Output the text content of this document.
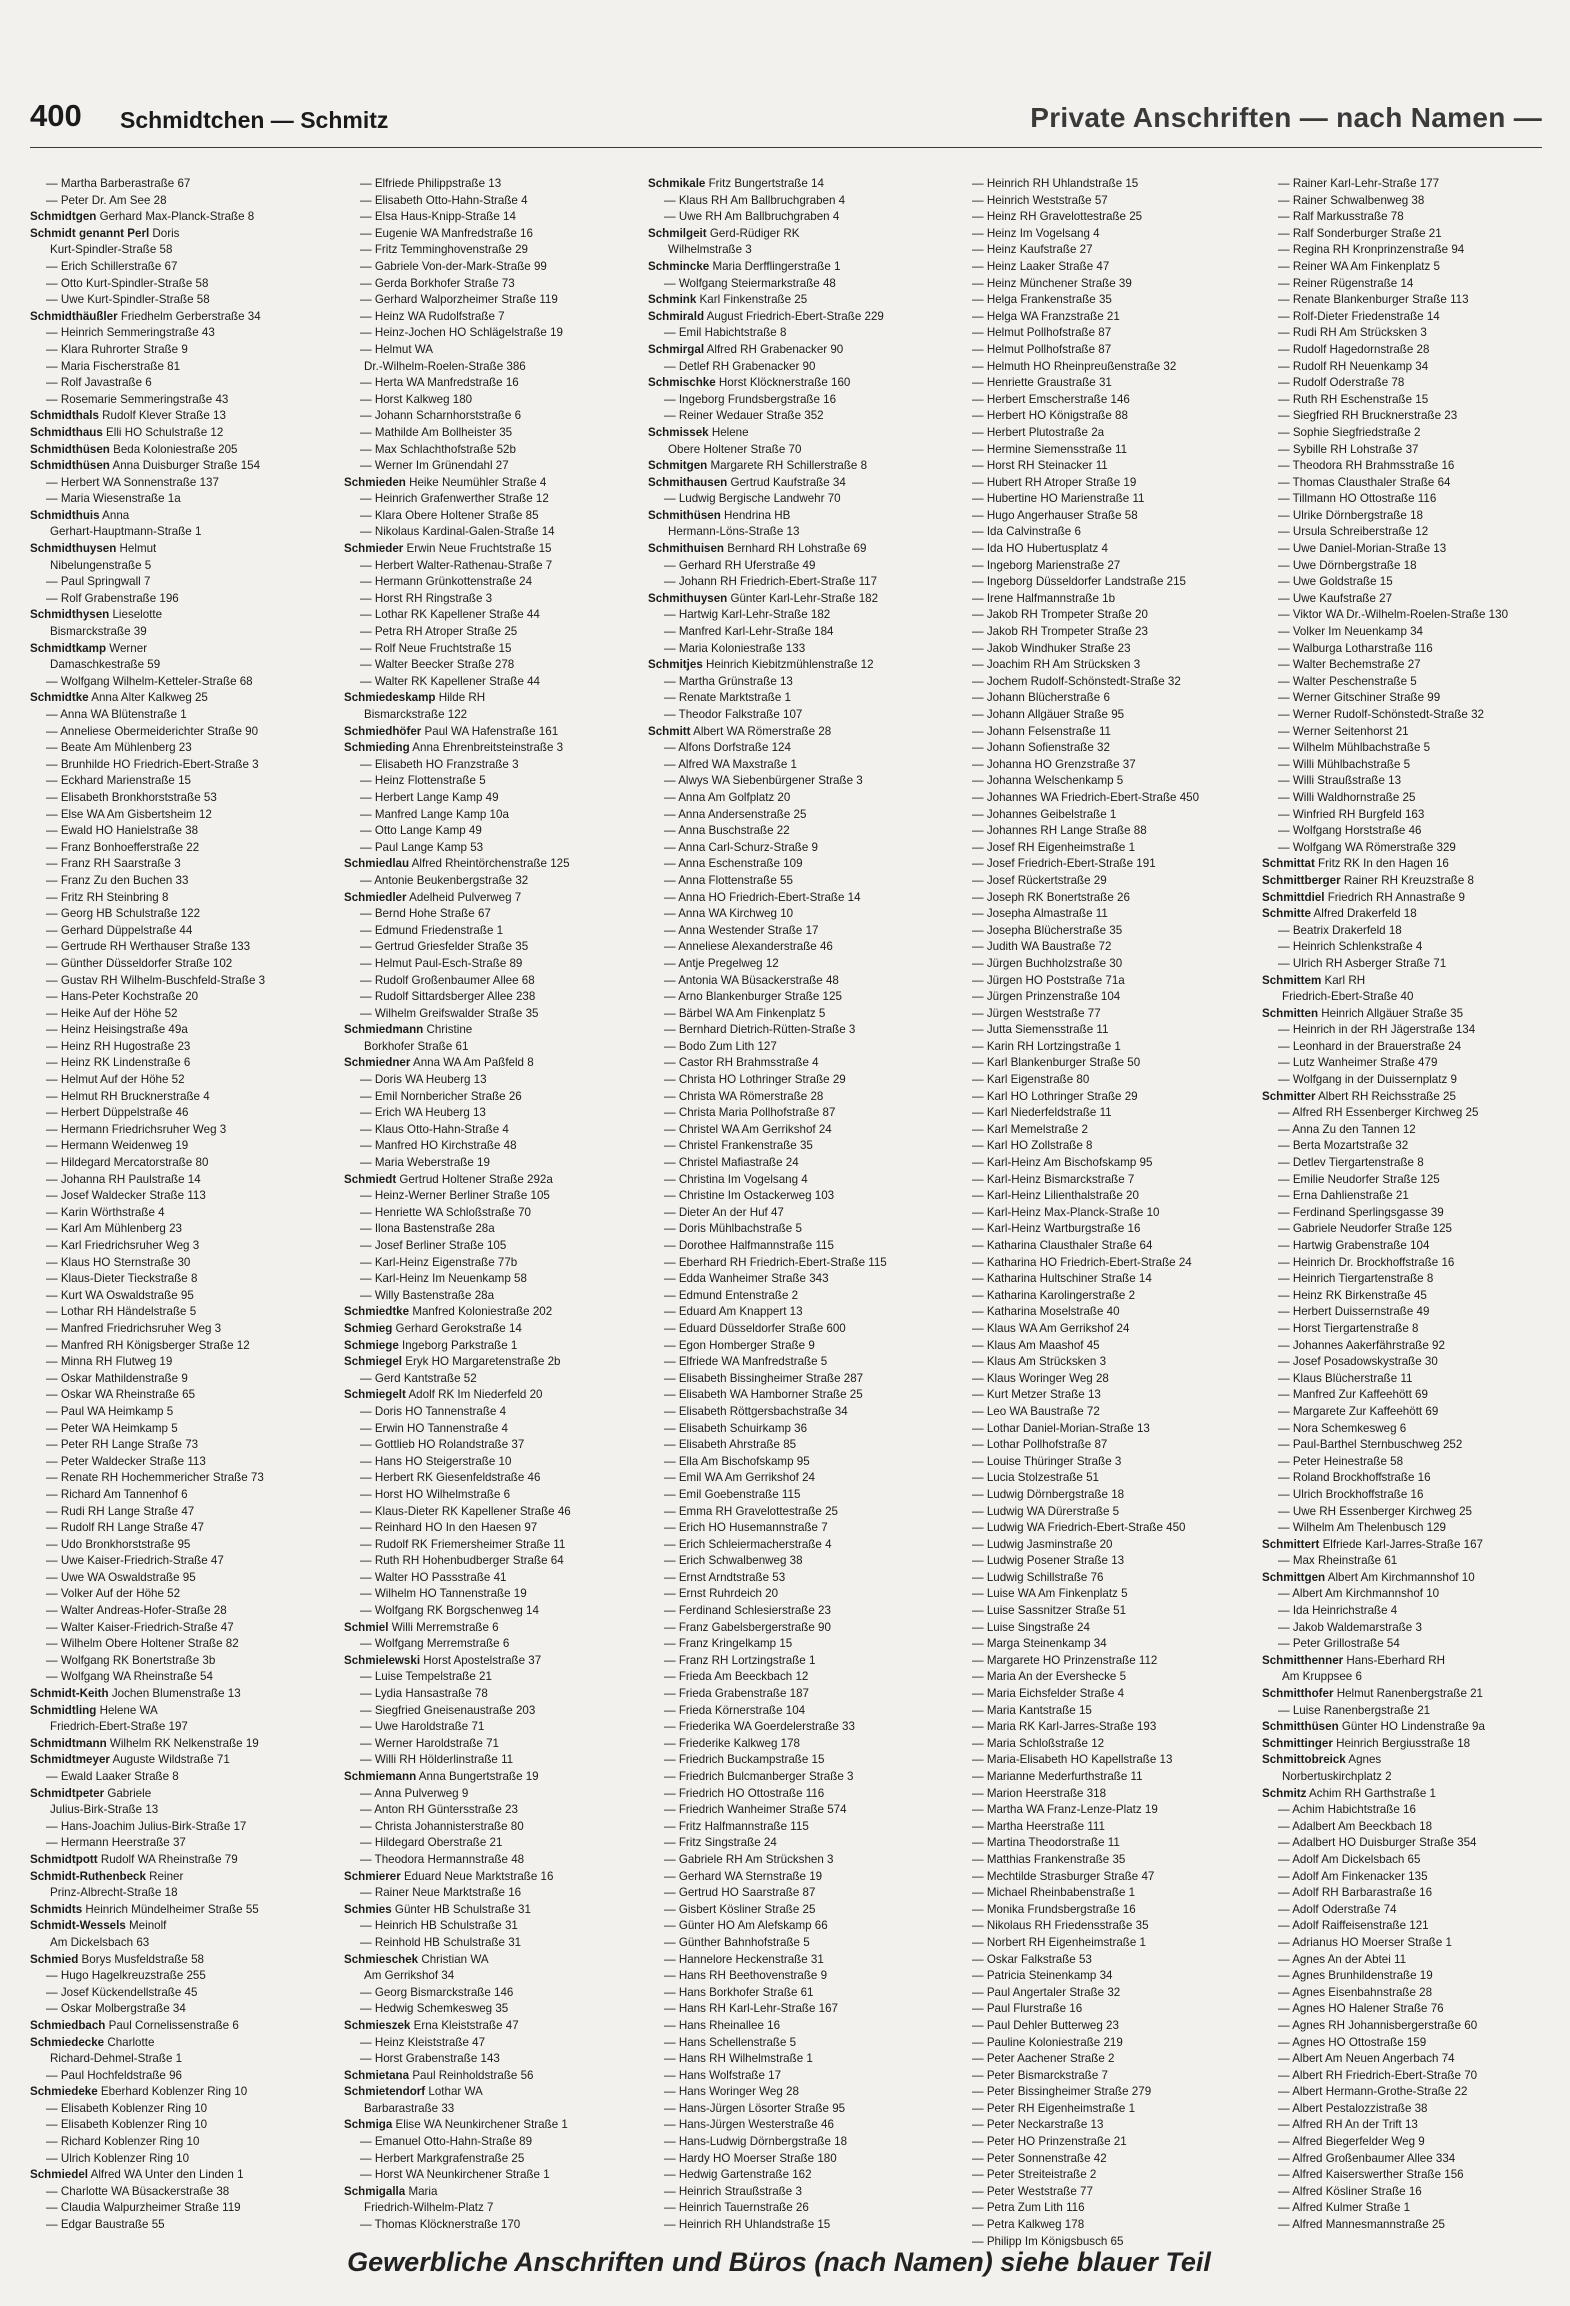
400 Schmidtchen — Schmitz	Private Anschriften — nach Namen —
— Martha Barberastraße 67
— Peter Dr. Am See 28
Schmidtgen Gerhard Max-Planck-Straße 8
Schmidt genannt Perl Doris
Kurt-Spindler-Straße 58
— Erich Schillerstraße 67
— Otto Kurt-Spindler-Straße 58
— Uwe Kurt-Spindler-Straße 58
Schmidthäußler Friedhelm Gerberstraße 34
— Heinrich Semmeringstraße 43
— Klara Ruhrorter Straße 9
— Maria Fischerstraße 81
— Rolf Javastraße 6
— Rosemarie Semmeringstraße 43
Schmidthals Rudolf Klever Straße 13
Schmidthaus Elli HO Schulstraße 12
Schmidthüsen Beda Koloniestraße 205
Schmidthüsen Anna Duisburger Straße 154
— Herbert WA Sonnenstraße 137
— Maria Wiesenstraße 1a
Schmidthuis Anna
Gerhart-Hauptmann-Straße 1
Schmidthuysen Helmut
Nibelungenstraße 5
— Paul Springwall 7
— Rolf Grabenstraße 196
Schmidthysen Lieselotte
Bismarckstraße 39
Schmidtkamp Werner
Damaschkestraße 59
— Wolfgang Wilhelm-Ketteler-Straße 68
Schmidtke Anna Alter Kalkweg 25
— Anna WA Blütenstraße 1
— Anneliese Obermeiderichter Straße 90
— Beate Am Mühlenberg 23
— Brunhilde HO Friedrich-Ebert-Straße 3
— Eckhard Marienstraße 15
— Elisabeth Bronkhorststraße 53
— Else WA Am Gisbertsheim 12
— Ewald HO Hanielstraße 38
— Franz Bonhoefferstraße 22
— Franz RH Saarstraße 3
— Franz Zu den Buchen 33
— Fritz RH Steinbring 8
— Georg HB Schulstraße 122
— Gerhard Düppelstraße 44
— Gertrude RH Werthauser Straße 133
— Günther Düsseldorfer Straße 102
— Gustav RH Wilhelm-Buschfeld-Straße 3
— Hans-Peter Kochstraße 20
— Heike Auf der Höhe 52
— Heinz Heisingstraße 49a
— Heinz RH Hugostraße 23
— Heinz RK Lindenstraße 6
— Helmut Auf der Höhe 52
— Helmut RH Brucknerstraße 4
— Herbert Düppelstraße 46
— Hermann Friedrichsruher Weg 3
— Hermann Weidenweg 19
— Hildegard Mercatorstraße 80
— Johanna RH Paulstraße 14
— Josef Waldecker Straße 113
— Karin Wörthstraße 4
— Karl Am Mühlenberg 23
— Karl Friedrichsruher Weg 3
— Klaus HO Sternstraße 30
— Klaus-Dieter Tieckstraße 8
— Kurt WA Oswaldstraße 95
— Lothar RH Händelstraße 5
— Manfred Friedrichsruher Weg 3
— Manfred RH Königsberger Straße 12
— Minna RH Flutweg 19
— Oskar Mathildenstraße 9
— Oskar WA Rheinstraße 65
— Paul WA Heimkamp 5
— Peter WA Heimkamp 5
— Peter RH Lange Straße 73
— Peter Waldecker Straße 113
— Renate RH Hochemmericher Straße 73
— Richard Am Tannenhof 6
— Rudi RH Lange Straße 47
— Rudolf RH Lange Straße 47
— Udo Bronkhorststraße 95
— Uwe Kaiser-Friedrich-Straße 47
— Uwe WA Oswaldstraße 95
— Volker Auf der Höhe 52
— Walter Andreas-Hofer-Straße 28
— Walter Kaiser-Friedrich-Straße 47
— Wilhelm Obere Holtener Straße 82
— Wolfgang RK Bonertstraße 3b
— Wolfgang WA Rheinstraße 54
Schmidt-Keith Jochen Blumenstraße 13
Schmidtling Helene WA
Friedrich-Ebert-Straße 197
Schmidtmann Wilhelm RK Nelkenstraße 19
Schmidtmeyer Auguste Wildstraße 71
— Ewald Laaker Straße 8
Schmidtpeter Gabriele
Julius-Birk-Straße 13
— Hans-Joachim Julius-Birk-Straße 17
— Hermann Heerstraße 37
Schmidtpott Rudolf WA Rheinstraße 79
Schmidt-Ruthenbeck Reiner
Prinz-Albrecht-Straße 18
Schmidts Heinrich Mündelheimer Straße 55
Schmidt-Wessels Meinolf
Am Dickelsbach 63
Schmied Borys Musfeldstraße 58
— Hugo Hagelkreuzstraße 255
— Josef Kückendellstraße 45
— Oskar Molbergstraße 34
Schmiedbach Paul Cornelissenstraße 6
Schmiedecke Charlotte
Richard-Dehmel-Straße 1
— Paul Hochfeldstraße 96
Schmiedeke Eberhard Koblenzer Ring 10
— Elisabeth Koblenzer Ring 10
— Elisabeth Koblenzer Ring 10
— Richard Koblenzer Ring 10
— Ulrich Koblenzer Ring 10
Schmiedel Alfred WA Unter den Linden 1
— Charlotte WA Büsackerstraße 38
— Claudia Walpurzheimer Straße 119
— Edgar Baustraße 55
— Elfriede Philippstraße 13
— Elisabeth Otto-Hahn-Straße 4
— Elsa Haus-Knipp-Straße 14
— Eugenie WA Manfredstraße 16
— Fritz Temminghovenstraße 29
— Gabriele Von-der-Mark-Straße 99
— Gerda Borkhofer Straße 73
— Gerhard Walporzheimer Straße 119
— Heinz WA Rudolfstraße 7
— Heinz-Jochen HO Schlägelstraße 19
— Helmut WA
Dr.-Wilhelm-Roelen-Straße 386
— Herta WA Manfredstraße 16
— Horst Kalkweg 180
— Johann Scharnhorststraße 6
— Mathilde Am Bollheister 35
— Max Schlachthofstraße 52b
— Werner Im Grünendahl 27
Schmieden Heike Neumühler Straße 4
— Heinrich Grafenwerther Straße 12
— Klara Obere Holtener Straße 85
— Nikolaus Kardinal-Galen-Straße 14
Schmieder Erwin Neue Fruchtstraße 15
— Herbert Walter-Rathenau-Straße 7
— Hermann Grünkottenstraße 24
— Horst RH Ringstraße 3
— Lothar RK Kapellener Straße 44
— Petra RH Atroper Straße 25
— Rolf Neue Fruchtstraße 15
— Walter Beecker Straße 278
— Walter RK Kapellener Straße 44
Schmiedeskamp Hilde RH
Bismarckstraße 122
Schmiedhöfer Paul WA Hafenstraße 161
Schmieding Anna Ehrenbreitsteinstraße 3
— Elisabeth HO Franzstraße 3
— Heinz Flottenstraße 5
— Herbert Lange Kamp 49
— Manfred Lange Kamp 10a
— Otto Lange Kamp 49
— Paul Lange Kamp 53
Schmiedlau Alfred Rheintörchenstraße 125
— Antonie Beukenbergstraße 32
Schmiedler Adelheid Pulverweg 7
— Bernd Hohe Straße 67
— Edmund Friedenstraße 1
— Gertrud Griesfelder Straße 35
— Helmut Paul-Esch-Straße 89
— Rudolf Großenbaumer Allee 68
— Rudolf Sittardsberger Allee 238
— Wilhelm Greifswalder Straße 35
Schmiedmann Christine
Borkhofer Straße 61
Schmiedner Anna WA Am Paßfeld 8
— Doris WA Heuberg 13
— Emil Nornbericher Straße 26
— Erich WA Heuberg 13
— Klaus Otto-Hahn-Straße 4
— Manfred HO Kirchstraße 48
— Maria Weberstraße 19
Schmiedt Gertrud Holtener Straße 292a
— Heinz-Werner Berliner Straße 105
— Henriette WA Schloßstraße 70
— Ilona Bastenstraße 28a
— Josef Berliner Straße 105
— Karl-Heinz Eigenstraße 77b
— Karl-Heinz Im Neuenkamp 58
— Willy Bastenstraße 28a
Schmiedtke Manfred Koloniestraße 202
Schmieg Gerhard Gerokstraße 14
Schmiege Ingeborg Parkstraße 1
Schmiegel Eryk HO Margaretenstraße 2b
— Gerd Kantstraße 52
Schmiegelt Adolf RK Im Niederfeld 20
— Doris HO Tannenstraße 4
— Erwin HO Tannenstraße 4
— Gottlieb HO Rolandstraße 37
— Hans HO Steigerstraße 10
— Herbert RK Giesenfeldstraße 46
— Horst HO Wilhelmstraße 6
— Klaus-Dieter RK Kapellener Straße 46
— Reinhard HO In den Haesen 97
— Rudolf RK Friemersheimer Straße 11
— Ruth RH Hohenbudberger Straße 64
— Walter HO Passstraße 41
— Wilhelm HO Tannenstraße 19
— Wolfgang RK Borgschenweg 14
Schmiel Willi Merremstraße 6
— Wolfgang Merremstraße 6
Schmielewski Horst Apostelstraße 37
— Luise Tempelstraße 21
— Lydia Hansastraße 78
— Siegfried Gneisenaustraße 203
— Uwe Haroldstraße 71
— Werner Haroldstraße 71
— Willi RH Hölderlinstraße 11
Schmiemann Anna Bungertstraße 19
— Anna Pulverweg 9
— Anton RH Güntersstraße 23
— Christa Johannisterstraße 80
— Hildegard Oberstraße 21
— Theodora Hermannstraße 48
Schmierer Eduard Neue Marktstraße 16
— Rainer Neue Marktstraße 16
Schmies Günter HB Schulstraße 31
— Heinrich HB Schulstraße 31
— Reinhold HB Schulstraße 31
Schmieschek Christian WA
Am Gerrikshof 34
— Georg Bismarckstraße 146
— Hedwig Schemkesweg 35
Schmieszek Erna Kleiststraße 47
— Heinz Kleiststraße 47
— Horst Grabenstraße 143
Schmietana Paul Reinholdstraße 56
Schmietendorf Lothar WA
Barbarastraße 33
Schmiga Elise WA Neunkirchener Straße 1
— Emanuel Otto-Hahn-Straße 89
— Herbert Markgrafenstraße 25
— Horst WA Neunkirchener Straße 1
Schmigalla Maria
Friedrich-Wilhelm-Platz 7
— Thomas Klöcknerstraße 170
Schmikale Fritz Bungertstraße 14
— Klaus RH Am Ballbruchgraben 4
— Uwe RH Am Ballbruchgraben 4
Schmilgeit Gerd-Rüdiger RK
Wilhelmstraße 3
Schmincke Maria Derfflingerstraße 1
— Wolfgang Steiermarkstraße 48
Schmink Karl Finkenstraße 25
Schmirald August Friedrich-Ebert-Straße 229
— Emil Habichtstraße 8
Schmirgal Alfred RH Grabenacker 90
— Detlef RH Grabenacker 90
Schmischke Horst Klöcknerstraße 160
— Ingeborg Frundsbergstraße 16
— Reiner Wedauer Straße 352
Schmissek Helene
Obere Holtener Straße 70
Schmitgen Margarete RH Schillerstraße 8
Schmithausen Gertrud Kaufstraße 34
— Ludwig Bergische Landwehr 70
Schmithüsen Hendrina HB
Hermann-Löns-Straße 13
Schmithuisen Bernhard RH Lohstraße 69
— Gerhard RH Uferstraße 49
— Johann RH Friedrich-Ebert-Straße 117
Schmithuysen Günter Karl-Lehr-Straße 182
— Hartwig Karl-Lehr-Straße 182
— Manfred Karl-Lehr-Straße 184
— Maria Koloniestraße 133
Schmitjes Heinrich Kiebitzmühlenstraße 12
— Martha Grünstraße 13
— Renate Marktstraße 1
— Theodor Falkstraße 107
Schmitt Albert WA Römerstraße 28
— Alfons Dorfstraße 124
— Alfred WA Maxstraße 1
— Alwys WA Siebenbürgener Straße 3
— Anna Am Golfplatz 20
— Anna Andersenstraße 25
— Anna Buschstraße 22
— Anna Carl-Schurz-Straße 9
— Anna Eschenstraße 109
— Anna Flottenstraße 55
— Anna HO Friedrich-Ebert-Straße 14
— Anna WA Kirchweg 10
— Anna Westender Straße 17
— Anneliese Alexanderstraße 46
— Antje Pregelweg 12
— Antonia WA Büsackerstraße 48
— Arno Blankenburger Straße 125
— Bärbel WA Am Finkenplatz 5
— Bernhard Dietrich-Rütten-Straße 3
— Bodo Zum Lith 127
— Castor RH Brahmsstraße 4
— Christa HO Lothringer Straße 29
— Christa WA Römerstraße 28
— Christa Maria Pollhofstraße 87
— Christel WA Am Gerrikshof 24
— Christel Frankenstraße 35
— Christel Mafiastraße 24
— Christina Im Vogelsang 4
— Christine Im Ostackerweg 103
— Dieter An der Huf 47
— Doris Mühlbachstraße 5
— Dorothee Halfmannstraße 115
— Eberhard RH Friedrich-Ebert-Straße 115
— Edda Wanheimer Straße 343
— Edmund Entenstraße 2
— Eduard Am Knappert 13
— Eduard Düsseldorfer Straße 600
— Egon Homberger Straße 9
— Elfriede WA Manfredstraße 5
— Elisabeth Bissingheimer Straße 287
— Elisabeth WA Hamborner Straße 25
— Elisabeth Röttgersbachstraße 34
— Elisabeth Schuirkamp 36
— Elisabeth Ahrstraße 85
— Ella Am Bischofskamp 95
— Emil WA Am Gerrikshof 24
— Emil Goebenstraße 115
— Emma RH Gravelottestraße 25
— Erich HO Husemannstraße 7
— Erich Schleiermacherstraße 4
— Erich Schwalbenweg 38
— Ernst Arndtstraße 53
— Ernst Ruhrdeich 20
— Ferdinand Schlesierstraße 23
— Franz Gabelsbergerstraße 90
— Franz Kringelkamp 15
— Franz RH Lortzingstraße 1
— Frieda Am Beeckbach 12
— Frieda Grabenstraße 187
— Frieda Körnerstraße 104
— Friederika WA Goerdelerstraße 33
— Friederike Kalkweg 178
— Friedrich Buckampstraße 15
— Friedrich Bulcmanberger Straße 3
— Friedrich HO Ottostraße 116
— Friedrich Wanheimer Straße 574
— Fritz Halfmannstraße 115
— Fritz Singstraße 24
— Gabriele RH Am Strückshen 3
— Gerhard WA Sternstraße 19
— Gertrud HO Saarstraße 87
— Gisbert Kösliner Straße 25
— Günter HO Am Alefskamp 66
— Günther Bahnhofstraße 5
— Hannelore Heckenstraße 31
— Hans RH Beethovenstraße 9
— Hans Borkhofer Straße 61
— Hans RH Karl-Lehr-Straße 167
— Hans Rheinallee 16
— Hans Schellenstraße 5
— Hans RH Wilhelmstraße 1
— Hans Wolfstraße 17
— Hans Woringer Weg 28
— Hans-Jürgen Lösorter Straße 95
— Hans-Jürgen Westerstraße 46
— Hans-Ludwig Dörnbergstraße 18
— Hardy HO Moerser Straße 180
— Hedwig Gartenstraße 162
— Heinrich Straußstraße 3
— Heinrich Tauernstraße 26
— Heinrich RH Uhlandstraße 15
— Heinrich RH Uhlandstraße 15
— Heinrich Weststraße 57
— Heinz RH Gravelottestraße 25
— Heinz Im Vogelsang 4
— Heinz Kaufstraße 27
— Heinz Laaker Straße 47
— Heinz Münchener Straße 39
— Helga Frankenstraße 35
— Helga WA Franzstraße 21
— Helmut Pollhofstraße 87
— Helmut Pollhofstraße 87
— Helmuth HO Rheinpreußenstraße 32
— Henriette Graustraße 31
— Herbert Emscherstraße 146
— Herbert HO Königstraße 88
— Herbert Plutostraße 2a
— Hermine Siemensstraße 11
— Horst RH Steinacker 11
— Hubert RH Atroper Straße 19
— Hubertine HO Marienstraße 11
— Hugo Angerhauser Straße 58
— Ida Calvinstraße 6
— Ida HO Hubertusplatz 4
— Ingeborg Marienstraße 27
— Ingeborg Düsseldorfer Landstraße 215
— Irene Halfmannstraße 1b
— Jakob RH Trompeter Straße 20
— Jakob RH Trompeter Straße 23
— Jakob Windhuker Straße 23
— Joachim RH Am Strücksken 3
— Jochem Rudolf-Schönstedt-Straße 32
— Johann Blücherstraße 6
— Johann Allgäuer Straße 95
— Johann Felsenstraße 11
— Johann Sofienstraße 32
— Johanna HO Grenzstraße 37
— Johanna Welschenkamp 5
— Johannes WA Friedrich-Ebert-Straße 450
— Johannes Geibelstraße 1
— Johannes RH Lange Straße 88
— Josef RH Eigenheimstraße 1
— Josef Friedrich-Ebert-Straße 191
— Josef Rückertstraße 29
— Joseph RK Bonertstraße 26
— Josepha Almastraße 11
— Josepha Blücherstraße 35
— Judith WA Baustraße 72
— Jürgen Buchholzstraße 30
— Jürgen HO Poststraße 71a
— Jürgen Prinzenstraße 104
— Jürgen Weststraße 77
— Jutta Siemensstraße 11
— Karin RH Lortzingstraße 1
— Karl Blankenburger Straße 50
— Karl Eigenstraße 80
— Karl HO Lothringer Straße 29
— Karl Niederfeldstraße 11
— Karl Memelstraße 2
— Karl HO Zollstraße 8
— Karl-Heinz Am Bischofskamp 95
— Karl-Heinz Bismarckstraße 7
— Karl-Heinz Lilienthalstraße 20
— Karl-Heinz Max-Planck-Straße 10
— Karl-Heinz Wartburgstraße 16
— Katharina Clausthaler Straße 64
— Katharina HO Friedrich-Ebert-Straße 24
— Katharina Hultschiner Straße 14
— Katharina Karolingerstraße 2
— Katharina Moselstraße 40
— Klaus WA Am Gerrikshof 24
— Klaus Am Maashof 45
— Klaus Am Strücksken 3
— Klaus Woringer Weg 28
— Kurt Metzer Straße 13
— Leo WA Baustraße 72
— Lothar Daniel-Morian-Straße 13
— Lothar Pollhofstraße 87
— Louise Thüringer Straße 3
— Lucia Stolzestraße 51
— Ludwig Dörnbergstraße 18
— Ludwig WA Dürerstraße 5
— Ludwig WA Friedrich-Ebert-Straße 450
— Ludwig Jasminstraße 20
— Ludwig Posener Straße 13
— Ludwig Schillstraße 76
— Luise WA Am Finkenplatz 5
— Luise Sassnitzer Straße 51
— Luise Singstraße 24
— Marga Steinenkamp 34
— Margarete HO Prinzenstraße 112
— Maria An der Evershecke 5
— Maria Eichsfelder Straße 4
— Maria Kantstraße 15
— Maria RK Karl-Jarres-Straße 193
— Maria Schloßstraße 12
— Maria-Elisabeth HO Kapellstraße 13
— Marianne Mederfurthstraße 11
— Marion Heerstraße 318
— Martha WA Franz-Lenze-Platz 19
— Martha Heerstraße 111
— Martina Theodorstraße 11
— Matthias Frankenstraße 35
— Mechtilde Strasburger Straße 47
— Michael Rheinbabenstraße 1
— Monika Frundsbergstraße 16
— Nikolaus RH Friedensstraße 35
— Norbert RH Eigenheimstraße 1
— Oskar Falkstraße 53
— Patricia Steinenkamp 34
— Paul Angertaler Straße 32
— Paul Flurstraße 16
— Paul Dehler Butterweg 23
— Pauline Koloniestraße 219
— Peter Aachener Straße 2
— Peter Bismarckstraße 7
— Peter Bissingheimer Straße 279
— Peter RH Eigenheimstraße 1
— Peter Neckarstraße 13
— Peter HO Prinzenstraße 21
— Peter Sonnenstraße 42
— Peter Streiteistraße 2
— Peter Weststraße 77
— Petra Zum Lith 116
— Petra Kalkweg 178
— Philipp Im Königsbusch 65
— Rainer Karl-Lehr-Straße 177
— Rainer Schwalbenweg 38
— Ralf Markusstraße 78
— Ralf Sonderburger Straße 21
— Regina RH Kronprinzenstraße 94
— Reiner WA Am Finkenplatz 5
— Reiner Rügenstraße 14
— Renate Blankenburger Straße 113
— Rolf-Dieter Friedenstraße 14
— Rudi RH Am Strücksken 3
— Rudolf Hagedornstraße 28
— Rudolf RH Neuenkamp 34
— Rudolf Oderstraße 78
— Ruth RH Eschenstraße 15
— Siegfried RH Brucknerstraße 23
— Sophie Siegfriedstraße 2
— Sybille RH Lohstraße 37
— Theodora RH Brahmsstraße 16
— Thomas Clausthaler Straße 64
— Tillmann HO Ottostraße 116
— Ulrike Dörnbergstraße 18
— Ursula Schreiberstraße 12
— Uwe Daniel-Morian-Straße 13
— Uwe Dörnbergstraße 18
— Uwe Goldstraße 15
— Uwe Kaufstraße 27
— Viktor WA Dr.-Wilhelm-Roelen-Straße 130
— Volker Im Neuenkamp 34
— Walburga Lotharstraße 116
— Walter Bechemstraße 27
— Walter Peschenstraße 5
— Werner Gitschiner Straße 99
— Werner Rudolf-Schönstedt-Straße 32
— Werner Seitenhorst 21
— Wilhelm Mühlbachstraße 5
— Willi Mühlbachstraße 5
— Willi Straußstraße 13
— Willi Waldhornstraße 25
— Winfried RH Burgfeld 163
— Wolfgang Horststraße 46
— Wolfgang WA Römerstraße 329
Schmittat Fritz RK In den Hagen 16
Schmittberger Rainer RH Kreuzstraße 8
Schmittdiel Friedrich RH Annastraße 9
Schmitte Alfred Drakerfeld 18
— Beatrix Drakerfeld 18
— Heinrich Schlenkstraße 4
— Ulrich RH Asberger Straße 71
Schmittem Karl RH
Friedrich-Ebert-Straße 40
Schmitten Heinrich Allgäuer Straße 35
— Heinrich in der RH Jägerstraße 134
— Leonhard in der Brauerstraße 24
— Lutz Wanheimer Straße 479
— Wolfgang in der Duissernplatz 9
Schmitter Albert RH Reichsstraße 25
— Alfred RH Essenberger Kirchweg 25
— Anna Zu den Tannen 12
— Berta Mozartstraße 32
— Detlev Tiergartenstraße 8
— Emilie Neudorfer Straße 125
— Erna Dahlienstraße 21
— Ferdinand Sperlingsgasse 39
— Gabriele Neudorfer Straße 125
— Hartwig Grabenstraße 104
— Heinrich Dr. Brockhoffstraße 16
— Heinrich Tiergartenstraße 8
— Heinz RK Birkenstraße 45
— Herbert Duissernstraße 49
— Horst Tiergartenstraße 8
— Johannes Aakerfährstraße 92
— Josef Posadowskystraße 30
— Klaus Blücherstraße 11
— Manfred Zur Kaffeehött 69
— Margarete Zur Kaffeehött 69
— Nora Schemkesweg 6
— Paul-Barthel Sternbuschweg 252
— Peter Heinestraße 58
— Roland Brockhoffstraße 16
— Ulrich Brockhoffstraße 16
— Uwe RH Essenberger Kirchweg 25
— Wilhelm Am Thelenbusch 129
Schmittert Elfriede Karl-Jarres-Straße 167
— Max Rheinstraße 61
Schmittgen Albert Am Kirchmannshof 10
— Albert Am Kirchmannshof 10
— Ida Heinrichstraße 4
— Jakob Waldemarstraße 3
— Peter Grillostraße 54
Schmitthenner Hans-Eberhard RH
Am Kruppsee 6
Schmitthofer Helmut Ranenbergstraße 21
— Luise Ranenbergstraße 21
Schmitthüsen Günter HO Lindenstraße 9a
Schmittinger Heinrich Bergiusstraße 18
Schmittobreick Agnes
Norbertuskirchplatz 2
Schmitz Achim RH Garthstraße 1
— Achim Habichtstraße 16
— Adalbert Am Beeckbach 18
— Adalbert HO Duisburger Straße 354
— Adolf Am Dickelsbach 65
— Adolf Am Finkenacker 135
— Adolf RH Barbarastraße 16
— Adolf Oderstraße 74
— Adolf Raiffeisenstraße 121
— Adrianus HO Moerser Straße 1
— Agnes An der Abtei 11
— Agnes Brunhildenstraße 19
— Agnes Eisenbahnstraße 28
— Agnes HO Halener Straße 76
— Agnes RH Johannisbergerstraße 60
— Agnes HO Ottostraße 159
— Albert Am Neuen Angerbach 74
— Albert RH Friedrich-Ebert-Straße 70
— Albert Hermann-Grothe-Straße 22
— Albert Pestalozzistraße 38
— Alfred RH An der Trift 13
— Alfred Biegerfelder Weg 9
— Alfred Großenbaumer Allee 334
— Alfred Kaiserswerther Straße 156
— Alfred Kösliner Straße 16
— Alfred Kulmer Straße 1
— Alfred Mannesmannstraße 25
Gewerbliche Anschriften und Büros (nach Namen) siehe blauer Teil
